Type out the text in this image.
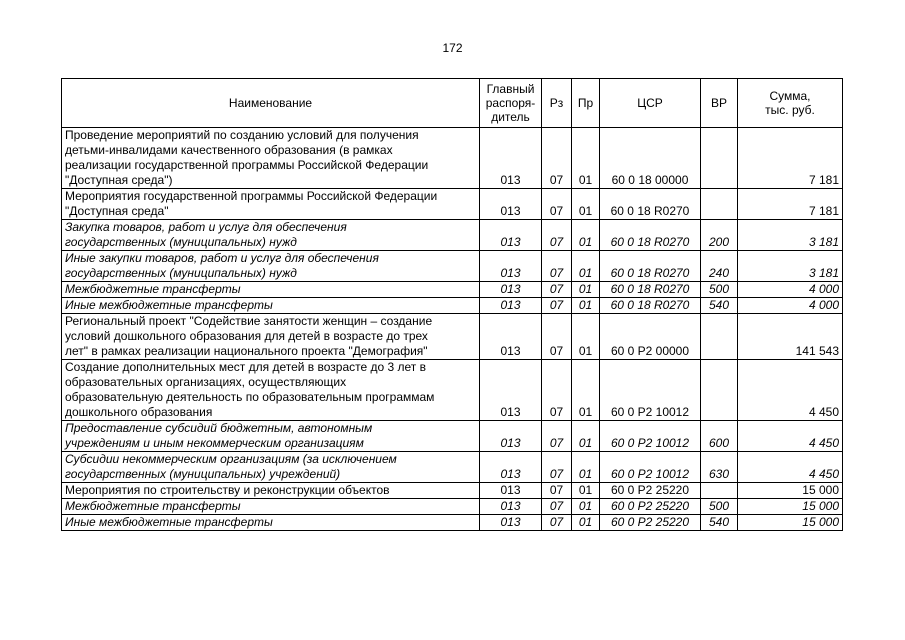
172
Наименование	Главный
распоря-
дитель	Рз	Пр	ЦСР	ВР	Сумма,
тыс. руб.
Проведение мероприятий по созданию условий для получения
детьми-инвалидами качественного образования (в рамках
реализации государственной программы Российской Федерации
"Доступная среда")	013	07	01	60 0 18 00000		7 181
Мероприятия государственной программы Российской Федерации
"Доступная среда"	013	07	01	60 0 18 R0270		7 181
Закупка товаров, работ и услуг для обеспечения
государственных (муниципальных) нужд	013	07	01	60 0 18 R0270	200	3 181
Иные закупки товаров, работ и услуг для обеспечения
государственных (муниципальных) нужд	013	07	01	60 0 18 R0270	240	3 181
Межбюджетные трансферты	013	07	01	60 0 18 R0270	500	4 000
Иные межбюджетные трансферты	013	07	01	60 0 18 R0270	540	4 000
Региональный проект "Содействие занятости женщин – создание
условий дошкольного образования для детей в возрасте до трех
лет" в рамках реализации национального проекта "Демография"	013	07	01	60 0 P2 00000		141 543
Создание дополнительных мест для детей в возрасте до 3 лет в
образовательных организациях, осуществляющих
образовательную деятельность по образовательным программам
дошкольного образования	013	07	01	60 0 P2 10012		4 450
Предоставление субсидий бюджетным, автономным
учреждениям и иным некоммерческим организациям	013	07	01	60 0 P2 10012	600	4 450
Субсидии некоммерческим организациям (за исключением
государственных (муниципальных) учреждений)	013	07	01	60 0 P2 10012	630	4 450
Мероприятия по строительству и реконструкции объектов	013	07	01	60 0 P2 25220		15 000
Межбюджетные трансферты	013	07	01	60 0 P2 25220	500	15 000
Иные межбюджетные трансферты	013	07	01	60 0 P2 25220	540	15 000
